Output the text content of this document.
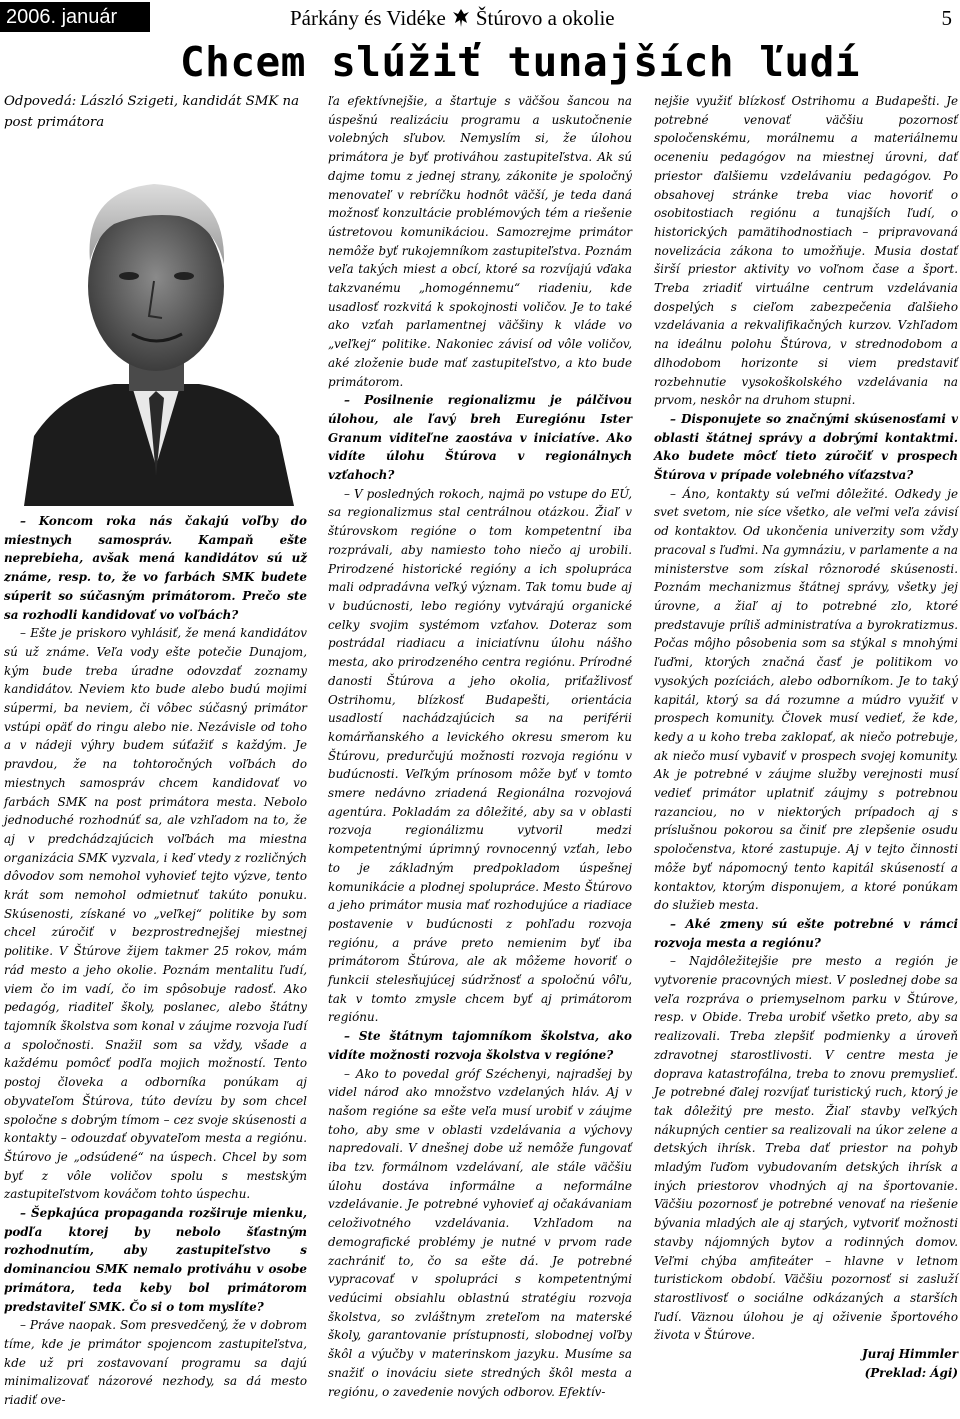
2006. január	Párkány és Vidéke Štúrovo a okolie	5
Chcem slúžiť tunajších ľudí
Odpovedá: László Szigeti, kandidát SMK na post primátora

– Koncom roka nás čakajú voľby do miestnych samospráv. Kampaň ešte neprebieha, avšak mená kandidátov sú už známe, resp. to, že vo farbách SMK budete súperit so súčasným primátorom. Prečo ste sa rozhodli kandidovať vo voľbách?

– Ešte je priskoro vyhlásiť, že mená kandidátov sú už známe. Veľa vody ešte potečie Dunajom, kým bude treba úradne odovzdať zoznamy kandidátov. Neviem kto bude alebo budú mojimi súpermi, ba neviem, či vôbec súčasný primátor vstúpi opäť do ringu alebo nie. Nezávisle od toho a v nádeji výhry budem súťažiť s každým. Je pravdou, že na tohtoročných voľbách do miestnych samospráv chcem kandidovať vo farbách SMK na post primátora mesta. Nebolo jednoduché rozhodnúť sa, ale vzhľadom na to, že aj v predchádzajúcich voľbách ma miestna organizácia SMK vyzvala, i keď vtedy z rozličných dôvodov som nemohol vyhovieť tejto výzve, tento krát som nemohol odmietnuť takúto ponuku. Skúsenosti, získané vo „veľkej“ politike by som chcel zúročiť v bezprostrednejšej miestnej politike. V Štúrove žijem takmer 25 rokov, mám rád mesto a jeho okolie. Poznám mentalitu ľudí, viem čo im vadí, čo im spôsobuje radosť. Ako pedagóg, riaditeľ školy, poslanec, alebo štátny tajomník školstva som konal v záujme rozvoja ľudí a spoločnosti. Snažil som sa vždy, všade a každému pomôcť podľa mojich možností. Tento postoj človeka a odborníka ponúkam aj obyvateľom Štúrova, túto devízu by som chcel spoločne s dobrým tímom – cez svoje skúsenosti a kontakty – odouzdať obyvateľom mesta a regiónu. Štúrovo je „odsúdené“ na úspech. Chcel by som byť z vôle voličov spolu s mestským zastupiteľstvom kováčom tohto úspechu.

– Šepkajúca propaganda rozširuje mienku, podľa ktorej by nebolo šťastným rozhodnutím, aby zastupiteľstvo s dominanciou SMK nemalo protiváhu v osobe primátora, teda keby bol primátorom predstaviteľ SMK. Čo si o tom myslíte?

– Práve naopak. Som presvedčený, že v dobrom tíme, kde je primátor spojencom zastupiteľstva, kde už pri zostavovaní programu sa dajú minimalizovať názorové nezhody, sa dá mesto riadiť ove-

ľa efektívnejšie, a štartuje s väčšou šancou na úspešnú realizáciu programu a uskutočnenie volebných sľubov. Nemyslím si, že úlohou primátora je byť protiváhou zastupiteľstva. Ak sú dajme tomu z jednej strany, zákonite je spoločný menovateľ v rebríčku hodnôt väčší, je teda daná možnosť konzultácie problémových tém a riešenie ústretovou komunikáciou. Samozrejme primátor nemôže byť rukojemníkom zastupiteľstva. Poznám veľa takých miest a obcí, ktoré sa rozvíjajú vďaka takzvanému „homogénnemu“ riadeniu, kde usadlosť rozkvitá k spokojnosti voličov. Je to také ako vzťah parlamentnej väčšiny k vláde vo „veľkej“ politike. Nakoniec závisí od vôle voličov, aké zloženie bude mať zastupiteľstvo, a kto bude primátorom.

– Posilnenie regionalizmu je pálčivou úlohou, ale ľavý breh Euregiónu Ister Granum viditeľne zaostáva v iniciatíve. Ako vidíte úlohu Štúrova v regionálnych vzťahoch?

– V posledných rokoch, najmä po vstupe do EÚ, sa regionalizmus stal centrálnou otázkou. Žiaľ v štúrovskom regióne o tom kompetentní iba rozprávali, aby namiesto toho niečo aj urobili. Prirodzené historické regióny a ich spolupráca mali odpradávna veľký význam. Tak tomu bude aj v budúcnosti, lebo regióny vytvárajú organické celky svojim systémom vzťahov. Doteraz som postrádal riadiacu a iniciatívnu úlohu nášho mesta, ako prirodzeného centra regiónu. Prírodné danosti Štúrova a jeho okolia, priťažlivosť Ostrihomu, blízkosť Budapešti, orientácia usadlostí nachádzajúcich sa na periférii komárňanského a levického okresu smerom ku Štúrovu, predurčujú možnosti rozvoja regiónu v budúcnosti. Veľkým prínosom môže byť v tomto smere nedávno zriadená Regionálna rozvojová agentúra. Pokladám za dôležité, aby sa v oblasti rozvoja regionálizmu vytvoril medzi kompetentnými úprimný rovnocenný vzťah, lebo to je základným predpokladom úspešnej komunikácie a plodnej spolupráce. Mesto Štúrovo a jeho primátor musia mať rozhodujúce a riadiace postavenie v budúcnosti z pohľadu rozvoja regiónu, a práve preto nemienim byť iba primátorom Štúrova, ale ak môžeme hovoriť o funkcii stelesňujúcej súdržnosť a spoločnú vôľu, tak v tomto zmysle chcem byť aj primátorom regiónu.

– Ste štátnym tajomníkom školstva, ako vidíte možnosti rozvoja školstva v regióne?

– Ako to povedal gróf Széchenyi, najradšej by videl národ ako množstvo vzdelaných hláv. Aj v našom regióne sa ešte veľa musí urobiť v záujme toho, aby sme v oblasti vzdelávania a výchovy napredovali. V dnešnej dobe už nemôže fungovať iba tzv. formálnom vzdelávaní, ale stále väčšiu úlohu dostáva informálne a neformálne vzdelávanie. Je potrebné vyhovieť aj očakávaniam celoživotného vzdelávania. Vzhľadom na demografické problémy je nutné v prvom rade zachrániť to, čo sa ešte dá. Je potrebné vypracovať v spolupráci s kompetentnými vedúcimi obsiahlu oblastnú stratégiu rozvoja školstva, so zvláštnym zreteľom na materské školy, garantovanie prístupnosti, slobodnej voľby škôl a výučby v materinskom jazyku. Musíme sa snažiť o inováciu siete stredných škôl mesta a regiónu, o zavedenie nových odborov. Efektív-

nejšie využiť blízkosť Ostrihomu a Budapešti. Je potrebné venovať väčšiu pozornosť spoločenskému, morálnemu a materiálnemu oceneniu pedagógov na miestnej úrovni, dať priestor ďalšiemu vzdelávaniu pedagógov. Po obsahovej stránke treba viac hovoriť o osobitostiach regiónu a tunajších ľudí, o historických pamätihodnostiach – pripravovaná novelizácia zákona to umožňuje. Musia dostať širší priestor aktivity vo voľnom čase a šport. Treba zriadiť virtuálne centrum vzdelávania dospelých s cieľom zabezpečenia ďalšieho vzdelávania a rekvalifikačných kurzov. Vzhľadom na ideálnu polohu Štúrova, v strednodobom a dlhodobom horizonte si viem predstaviť rozbehnutie vysokoškolského vzdelávania na prvom, neskôr na druhom stupni.

– Disponujete so značnými skúsenosťami v oblasti štátnej správy a dobrými kontaktmi. Ako budete môcť tieto zúročiť v prospech Štúrova v prípade volebného víťazstva?

– Áno, kontakty sú veľmi dôležité. Odkedy je svet svetom, nie síce všetko, ale veľmi veľa závisí od kontaktov. Od ukončenia univerzity som vždy pracoval s ľuďmi. Na gymnáziu, v parlamente a na ministerstve som získal rôznorodé skúsenosti. Poznám mechanizmus štátnej správy, všetky jej úrovne, a žiaľ aj to potrebné zlo, ktoré predstavuje príliš administratíva a byrokratizmus. Počas môjho pôsobenia som sa stýkal s mnohými ľuďmi, ktorých značná časť je politikom vo vysokých pozíciách, alebo odborníkom. Je to taký kapitál, ktorý sa dá rozumne a múdro využiť v prospech komunity. Človek musí vedieť, že kde, kedy a u koho treba zaklopať, ak niečo potrebuje, ak niečo musí vybaviť v prospech svojej komunity. Ak je potrebné v záujme služby verejnosti musí vedieť primátor uplatniť záujmy s potrebnou razanciou, no v niektorých prípadoch aj s príslušnou pokorou sa činiť pre zlepšenie osudu spoločenstva, ktoré zastupuje. Aj v tejto činnosti môže byť nápomocný tento kapitál skúseností a kontaktov, ktorým disponujem, a ktoré ponúkam do služieb mesta.

– Aké zmeny sú ešte potrebné v rámci rozvoja mesta a regiónu?

– Najdôležitejšie pre mesto a región je vytvorenie pracovných miest. V poslednej dobe sa veľa rozpráva o priemyselnom parku v Štúrove, resp. v Obide. Treba urobiť všetko preto, aby sa realizovali. Treba zlepšiť podmienky a úroveň zdravotnej starostlivosti. V centre mesta je doprava katastrofálna, treba to znovu premyslieť. Je potrebné ďalej rozvíjať turistický ruch, ktorý je tak dôležitý pre mesto. Žiaľ stavby veľkých nákupných centier sa realizovali na úkor zelene a detských ihrísk. Treba dať priestor na pohyb mladým ľuďom vybudovaním detských ihrísk a iných priestorov vhodných aj na športovanie. Väčšiu pozornosť je potrebné venovať na riešenie bývania mladých ale aj starých, vytvoriť možnosti stavby nájomných bytov a rodinných domov. Veľmi chýba amfiteáter – hlavne v letnom turistickom období. Väčšiu pozornosť si zasluží starostlivosť o sociálne odkázaných a starších ľudí. Väznou úlohou je aj oživenie športového života v Štúrove.

Juraj Himmler

(Preklad: Ági)
